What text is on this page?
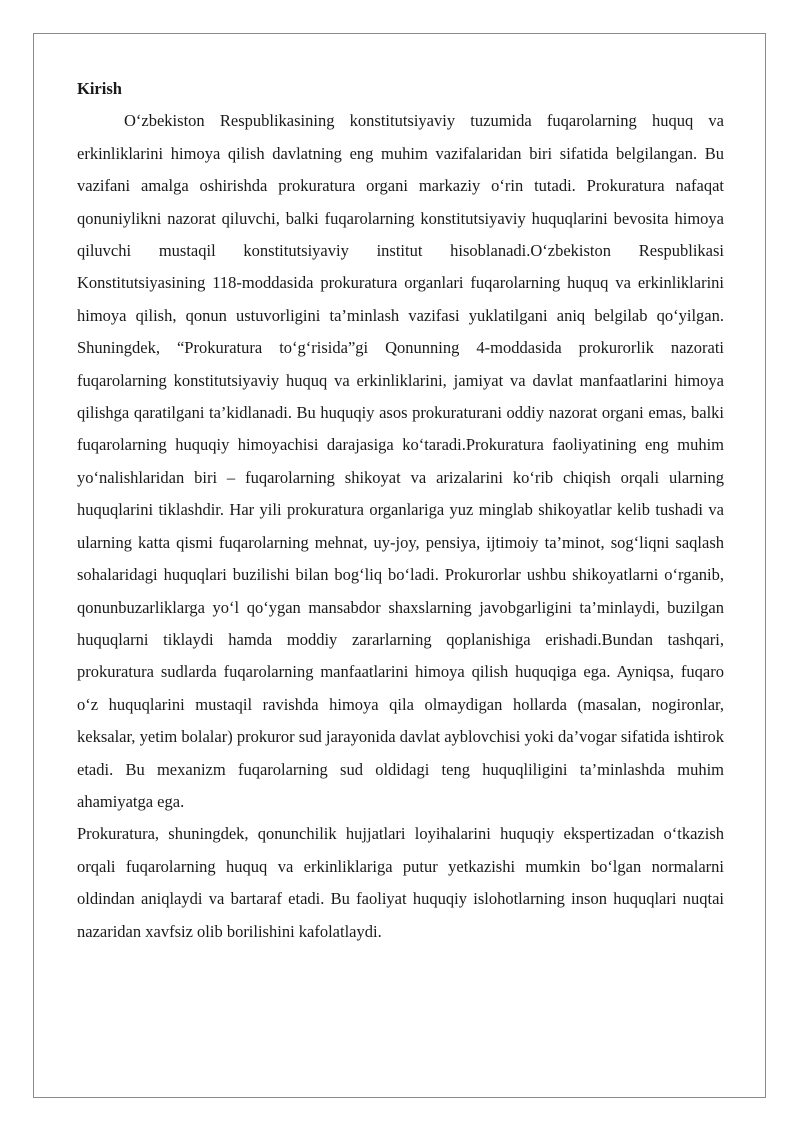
Kirish

O‘zbekiston Respublikasining konstitutsiyaviy tuzumida fuqarolarning huquq va erkinliklarini himoya qilish davlatning eng muhim vazifalaridan biri sifatida belgilangan. Bu vazifani amalga oshirishda prokuratura organi markaziy o‘rin tutadi. Prokuratura nafaqat qonuniylikni nazorat qiluvchi, balki fuqarolarning konstitutsiyaviy huquqlarini bevosita himoya qiluvchi mustaqil konstitutsiyaviy institut hisoblanadi.O‘zbekiston Respublikasi Konstitutsiyasining 118-moddasida prokuratura organlari fuqarolarning huquq va erkinliklarini himoya qilish, qonun ustuvorligini ta’minlash vazifasi yuklatilgani aniq belgilab qo‘yilgan. Shuningdek, “Prokuratura to‘g‘risida”gi Qonunning 4-moddasida prokurorlik nazorati fuqarolarning konstitutsiyaviy huquq va erkinliklarini, jamiyat va davlat manfaatlarini himoya qilishga qaratilgani ta’kidlanadi. Bu huquqiy asos prokuraturani oddiy nazorat organi emas, balki fuqarolarning huquqiy himoyachisi darajasiga ko‘taradi.Prokuratura faoliyatining eng muhim yo‘nalishlaridan biri – fuqarolarning shikoyat va arizalarini ko‘rib chiqish orqali ularning huquqlarini tiklashdir. Har yili prokuratura organlariga yuz minglab shikoyatlar kelib tushadi va ularning katta qismi fuqarolarning mehnat, uy-joy, pensiya, ijtimoiy ta’minot, sog‘liqni saqlash sohalaridagi huquqlari buzilishi bilan bog‘liq bo‘ladi. Prokurorlar ushbu shikoyatlarni o‘rganib, qonunbuzarliklarga yo‘l qo‘ygan mansabdor shaxslarning javobgarligini ta’minlaydi, buzilgan huquqlarni tiklaydi hamda moddiy zararlarning qoplanishiga erishadi.Bundan tashqari, prokuratura sudlarda fuqarolarning manfaatlarini himoya qilish huquqiga ega. Ayniqsa, fuqaro o‘z huquqlarini mustaqil ravishda himoya qila olmaydigan hollarda (masalan, nogironlar, keksalar, yetim bolalar) prokuror sud jarayonida davlat ayblovchisi yoki da’vogar sifatida ishtirok etadi. Bu mexanizm fuqarolarning sud oldidagi teng huquqliligini ta’minlashda muhim ahamiyatga ega.

Prokuratura, shuningdek, qonunchilik hujjatlari loyihalarini huquqiy ekspertizadan o‘tkazish orqali fuqarolarning huquq va erkinliklariga putur yetkazishi mumkin bo‘lgan normalarni oldindan aniqlaydi va bartaraf etadi. Bu faoliyat huquqiy islohotlarning inson huquqlari nuqtai nazaridan xavfsiz olib borilishini kafolatlaydi.
